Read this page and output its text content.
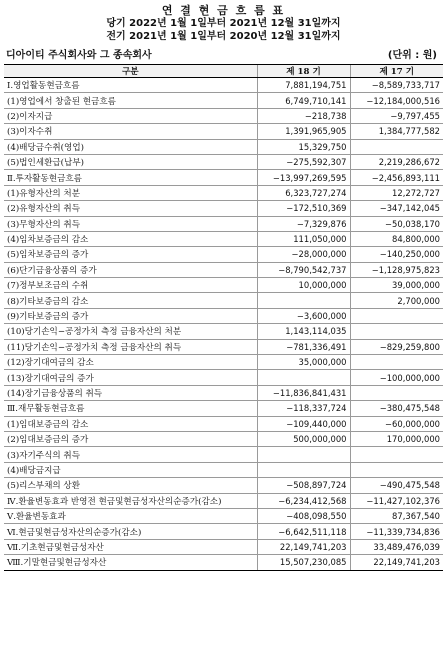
연 결 현 금 흐 름 표
당기 2022년 1월 1일부터 2021년 12월 31일까지
전기 2021년 1월 1일부터 2020년 12월 31일까지
디아이티 주식회사와 그 종속회사	(단위 : 원)
구분	제 18 기	제 17 기
Ⅰ.영업활동현금흐름	7,881,194,751	−8,589,733,717
(1)영업에서 창출된 현금흐름	6,749,710,141	−12,184,000,516
(2)이자지급	−218,738	−9,797,455
(3)이자수취	1,391,965,905	1,384,777,582
(4)배당금수취(영업)	15,329,750	
(5)법인세환급(납부)	−275,592,307	2,219,286,672
Ⅱ.투자활동현금흐름	−13,997,269,595	−2,456,893,111
(1)유형자산의 처분	6,323,727,274	12,272,727
(2)유형자산의 취득	−172,510,369	−347,142,045
(3)무형자산의 취득	−7,329,876	−50,038,170
(4)임차보증금의 감소	111,050,000	84,800,000
(5)임차보증금의 증가	−28,000,000	−140,250,000
(6)단기금융상품의 증가	−8,790,542,737	−1,128,975,823
(7)정부보조금의 수취	10,000,000	39,000,000
(8)기타보증금의 감소		2,700,000
(9)기타보증금의 증가	−3,600,000	
(10)당기손익−공정가치 측정 금융자산의 처분	1,143,114,035	
(11)당기손익−공정가치 측정 금융자산의 취득	−781,336,491	−829,259,800
(12)장기대여금의 감소	35,000,000	
(13)장기대여금의 증가		−100,000,000
(14)장기금융상품의 취득	−11,836,841,431	
Ⅲ.재무활동현금흐름	−118,337,724	−380,475,548
(1)임대보증금의 감소	−109,440,000	−60,000,000
(2)임대보증금의 증가	500,000,000	170,000,000
(3)자기주식의 취득		
(4)배당금지급		
(5)리스부채의 상환	−508,897,724	−490,475,548
Ⅳ.환율변동효과 반영전 현금및현금성자산의순증가(감소)	−6,234,412,568	−11,427,102,376
Ⅴ.환율변동효과	−408,098,550	87,367,540
Ⅵ.현금및현금성자산의순증가(감소)	−6,642,511,118	−11,339,734,836
Ⅶ.기초현금및현금성자산	22,149,741,203	33,489,476,039
Ⅷ.기말현금및현금성자산	15,507,230,085	22,149,741,203
